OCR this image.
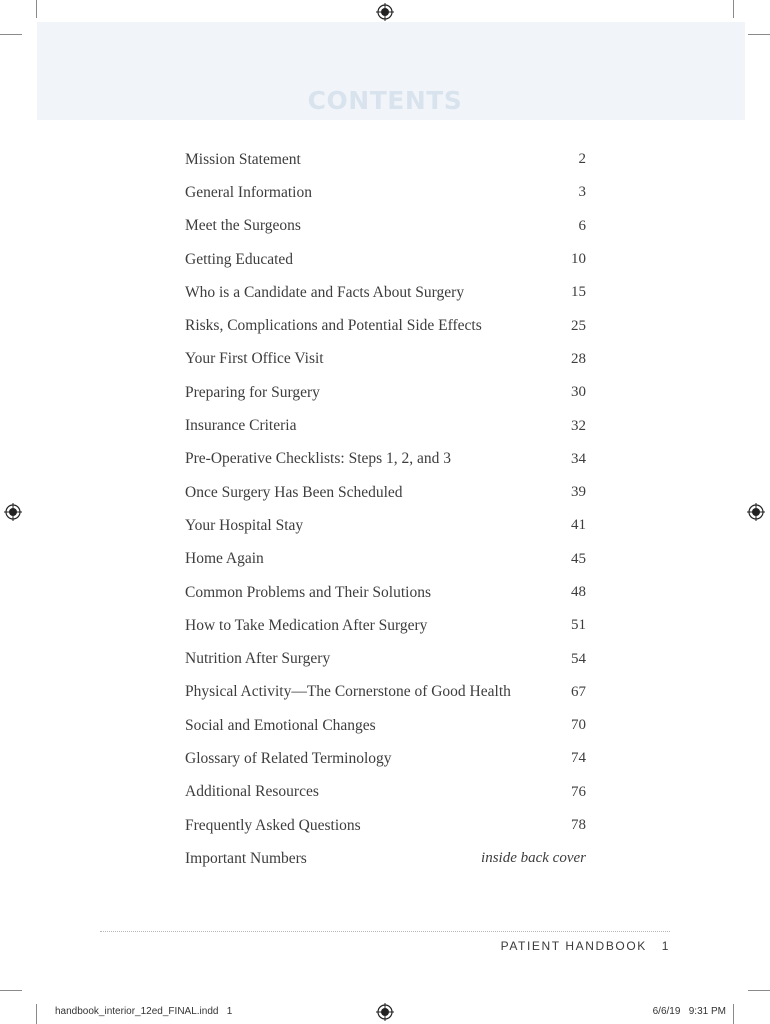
CONTENTS
Mission Statement	2
General Information	3
Meet the Surgeons	6
Getting Educated	10
Who is a Candidate and Facts About Surgery	15
Risks, Complications and Potential Side Effects	25
Your First Office Visit	28
Preparing for Surgery	30
Insurance Criteria	32
Pre-Operative Checklists: Steps 1, 2, and 3	34
Once Surgery Has Been Scheduled	39
Your Hospital Stay	41
Home Again	45
Common Problems and Their Solutions	48
How to Take Medication After Surgery	51
Nutrition After Surgery	54
Physical Activity—The Cornerstone of Good Health	67
Social and Emotional Changes	70
Glossary of Related Terminology	74
Additional Resources	76
Frequently Asked Questions	78
Important Numbers	inside back cover
PATIENT HANDBOOK 1
handbook_interior_12ed_FINAL.indd   1	6/6/19   9:31 PM
